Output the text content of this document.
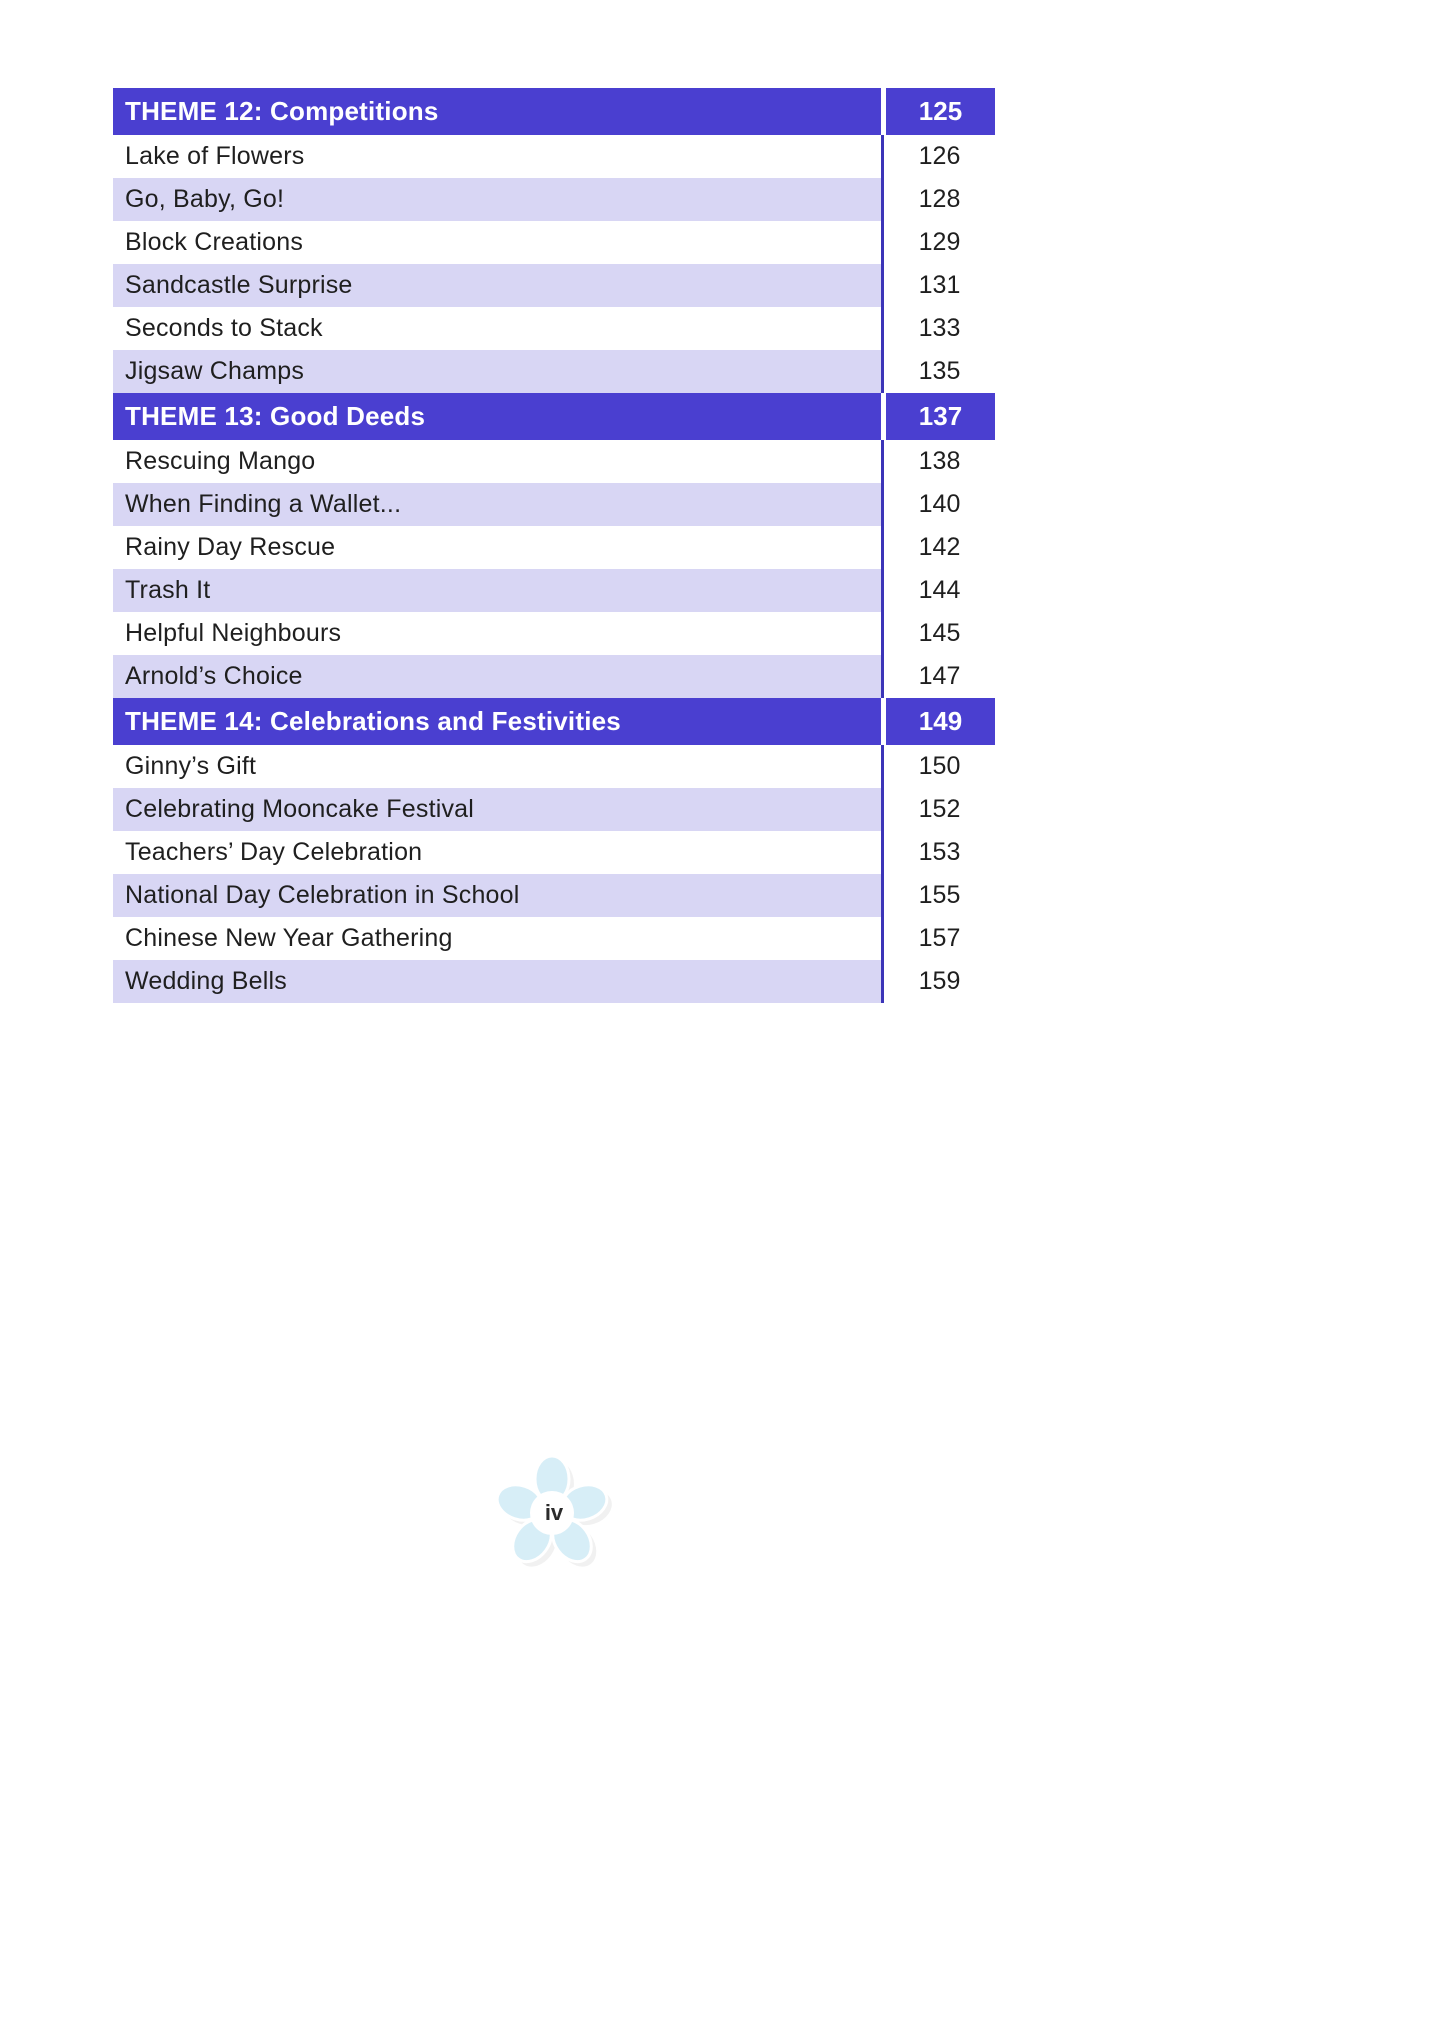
THEME 12: Competitions	125
Lake of Flowers	126
Go, Baby, Go!	128
Block Creations	129
Sandcastle Surprise	131
Seconds to Stack	133
Jigsaw Champs	135
THEME 13: Good Deeds	137
Rescuing Mango	138
When Finding a Wallet...	140
Rainy Day Rescue	142
Trash It	144
Helpful Neighbours	145
Arnold’s Choice	147
THEME 14: Celebrations and Festivities	149
Ginny’s Gift	150
Celebrating Mooncake Festival	152
Teachers’ Day Celebration	153
National Day Celebration in School	155
Chinese New Year Gathering	157
Wedding Bells	159
iv
